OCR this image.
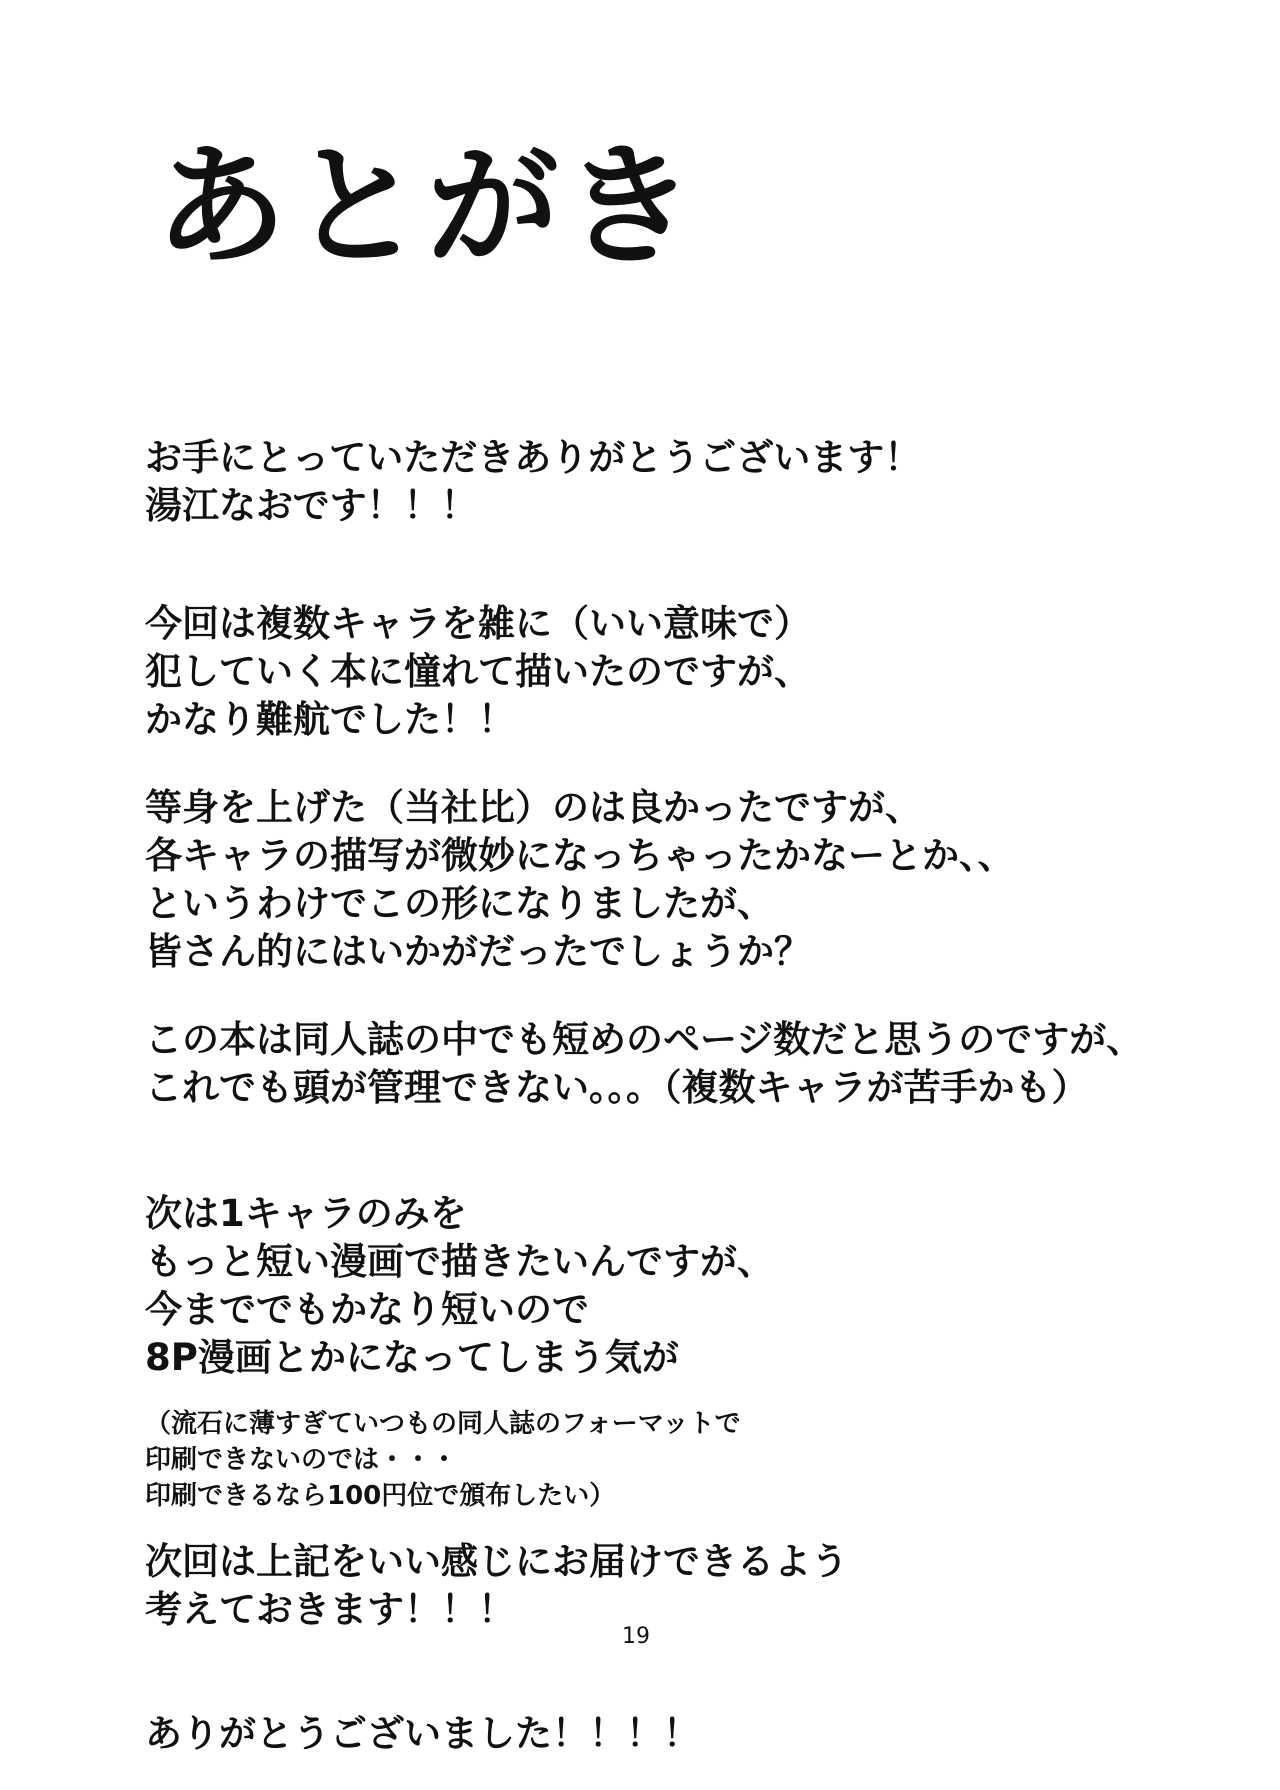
あとがき
お手にとっていただきありがとうございます！
湯江なおです！！！
今回は複数キャラを雑に（いい意味で）
犯していく本に憧れて描いたのですが、
かなり難航でした！！
等身を上げた（当社比）のは良かったですが、
各キャラの描写が微妙になっちゃったかなーとか、、
というわけでこの形になりましたが、
皆さん的にはいかがだったでしょうか？
この本は同人誌の中でも短めのページ数だと思うのですが、
これでも頭が管理できない。。。（複数キャラが苦手かも）
次は1キャラのみを
もっと短い漫画で描きたいんですが、
今まででもかなり短いので
8P漫画とかになってしまう気が
（流石に薄すぎていつもの同人誌のフォーマットで
印刷できないのでは・・・
印刷できるなら100円位で頒布したい）
次回は上記をいい感じにお届けできるよう
考えておきます！！！
ありがとうございました！！！！
19
